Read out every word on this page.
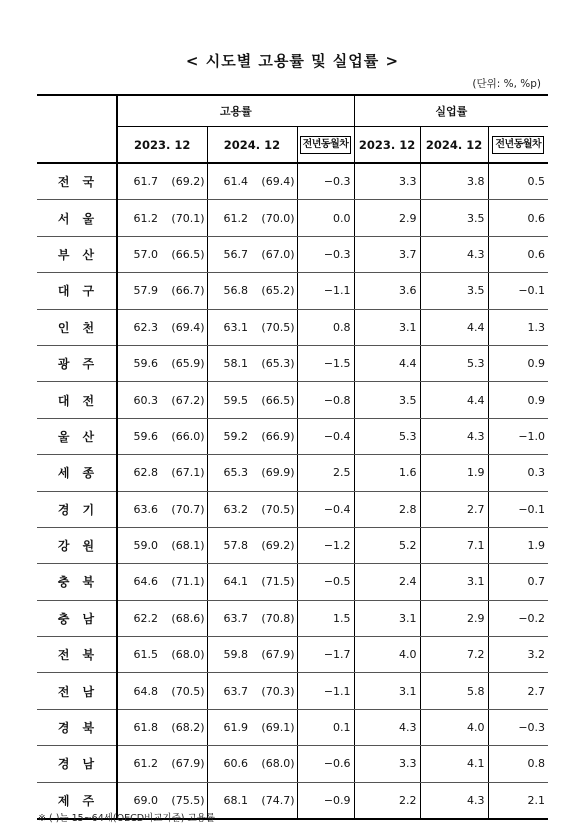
< 시도별 고용률 및 실업률 >
(단위: %, %p)
	고용률					실업률		
	2023. 12		2024. 12		전년동월차	2023. 12	2024. 12	전년동월차
전국	61.7	(69.2)	61.4	(69.4)	−0.3	3.3	3.8	0.5
서울	61.2	(70.1)	61.2	(70.0)	0.0	2.9	3.5	0.6
부산	57.0	(66.5)	56.7	(67.0)	−0.3	3.7	4.3	0.6
대구	57.9	(66.7)	56.8	(65.2)	−1.1	3.6	3.5	−0.1
인천	62.3	(69.4)	63.1	(70.5)	0.8	3.1	4.4	1.3
광주	59.6	(65.9)	58.1	(65.3)	−1.5	4.4	5.3	0.9
대전	60.3	(67.2)	59.5	(66.5)	−0.8	3.5	4.4	0.9
울산	59.6	(66.0)	59.2	(66.9)	−0.4	5.3	4.3	−1.0
세종	62.8	(67.1)	65.3	(69.9)	2.5	1.6	1.9	0.3
경기	63.6	(70.7)	63.2	(70.5)	−0.4	2.8	2.7	−0.1
강원	59.0	(68.1)	57.8	(69.2)	−1.2	5.2	7.1	1.9
충북	64.6	(71.1)	64.1	(71.5)	−0.5	2.4	3.1	0.7
충남	62.2	(68.6)	63.7	(70.8)	1.5	3.1	2.9	−0.2
전북	61.5	(68.0)	59.8	(67.9)	−1.7	4.0	7.2	3.2
전남	64.8	(70.5)	63.7	(70.3)	−1.1	3.1	5.8	2.7
경북	61.8	(68.2)	61.9	(69.1)	0.1	4.3	4.0	−0.3
경남	61.2	(67.9)	60.6	(68.0)	−0.6	3.3	4.1	0.8
제주	69.0	(75.5)	68.1	(74.7)	−0.9	2.2	4.3	2.1
※ ( )는 15~64세(OECD비교기준) 고용률
